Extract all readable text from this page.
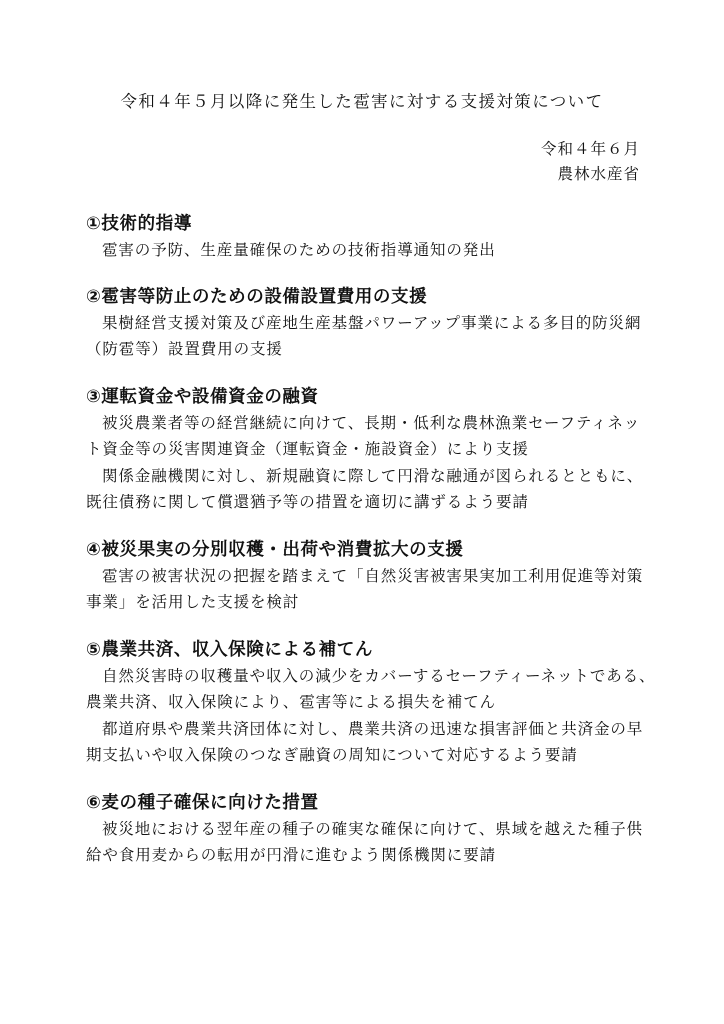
令和４年５月以降に発生した雹害に対する支援対策について
令和４年６月
農林水産省
①技術的指導

雹害の予防、生産量確保のための技術指導通知の発出

②雹害等防止のための設備設置費用の支援

果樹経営支援対策及び産地生産基盤パワーアップ事業による多目的防災網（防雹等）設置費用の支援

③運転資金や設備資金の融資

被災農業者等の経営継続に向けて、長期・低利な農林漁業セーフティネット資金等の災害関連資金（運転資金・施設資金）により支援

関係金融機関に対し、新規融資に際して円滑な融通が図られるとともに、既往債務に関して償還猶予等の措置を適切に講ずるよう要請

④被災果実の分別収穫・出荷や消費拡大の支援

雹害の被害状況の把握を踏まえて「自然災害被害果実加工利用促進等対策事業」を活用した支援を検討

⑤農業共済、収入保険による補てん

自然災害時の収穫量や収入の減少をカバーするセーフティーネットである、農業共済、収入保険により、雹害等による損失を補てん

都道府県や農業共済団体に対し、農業共済の迅速な損害評価と共済金の早期支払いや収入保険のつなぎ融資の周知について対応するよう要請

⑥麦の種子確保に向けた措置

被災地における翌年産の種子の確実な確保に向けて、県域を越えた種子供給や食用麦からの転用が円滑に進むよう関係機関に要請
